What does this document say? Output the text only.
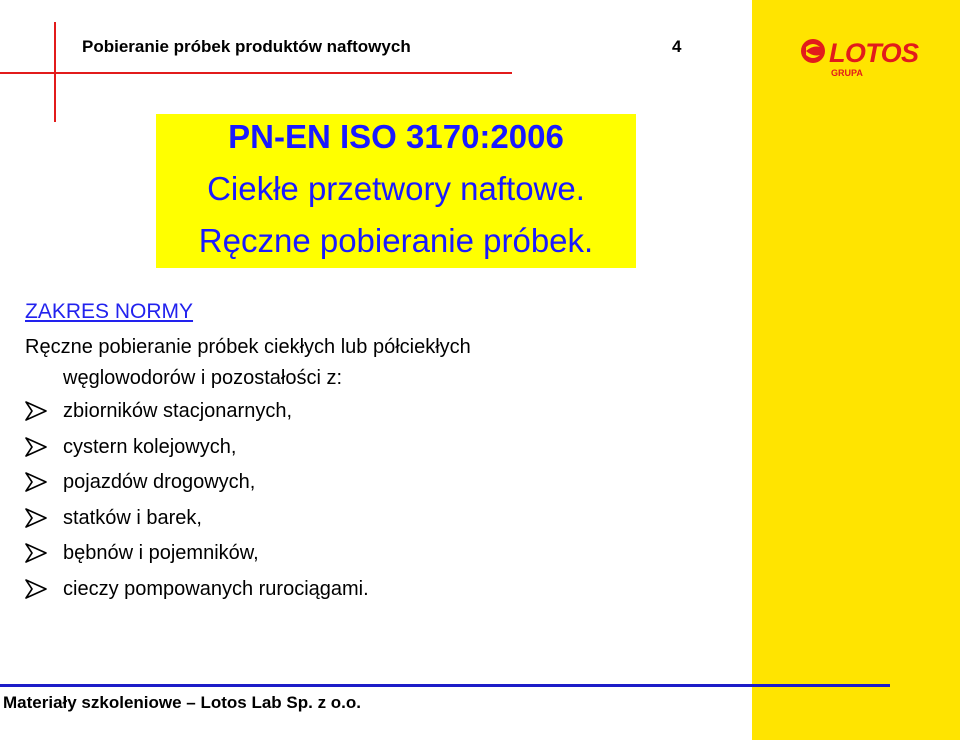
LOTOS
GRUPA
Pobieranie próbek produktów naftowych	4
PN-EN ISO 3170:2006
Ciekłe przetwory naftowe.
Ręczne pobieranie próbek.
ZAKRES NORMY
Ręczne pobieranie próbek ciekłych lub półciekłych
węglowodorów i pozostałości z:
zbiorników stacjonarnych,
cystern kolejowych,
pojazdów drogowych,
statków i barek,
bębnów i pojemników,
cieczy pompowanych rurociągami.
Materiały szkoleniowe – Lotos Lab Sp. z o.o.
